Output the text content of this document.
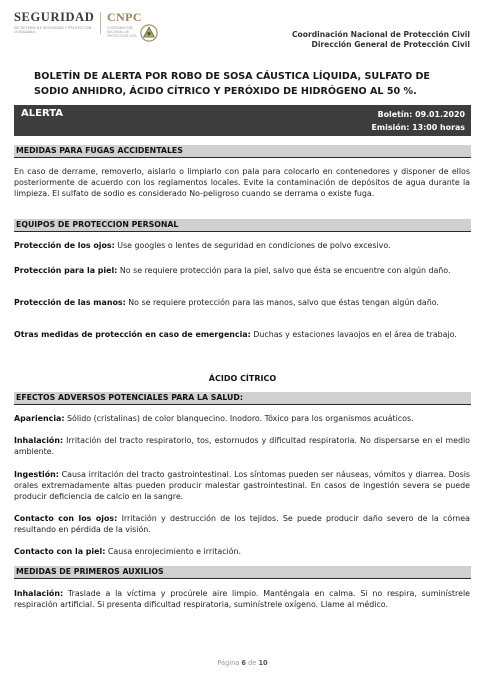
SEGURIDAD
SECRETARÍA DE SEGURIDAD Y PROTECCIÓN CIUDADANA
CNPC
COORDINACIÓN NACIONAL DE PROTECCIÓN CIVIL	Coordinación Nacional de Protección Civil
Dirección General de Protección Civil
BOLETÍN DE ALERTA POR ROBO DE SOSA CÁUSTICA LÍQUIDA, SULFATO DE SODIO ANHIDRO, ÁCIDO CÍTRICO Y PERÓXIDO DE HIDRÓGENO AL 50 %.
ALERTA	Boletín: 09.01.2020
Emisión: 13:00 horas
MEDIDAS PARA FUGAS ACCIDENTALES
En caso de derrame, removerlo, aislarlo o limpiarlo con pala para colocarlo en contenedores y disponer de ellos posteriormente de acuerdo con los reglamentos locales. Evite la contaminación de depósitos de agua durante la limpieza. El sulfato de sodio es considerado No-peligroso cuando se derrama o existe fuga.
EQUIPOS DE PROTECCION PERSONAL
Protección de los ojos: Use googles o lentes de seguridad en condiciones de polvo excesivo.
Protección para la piel: No se requiere protección para la piel, salvo que ésta se encuentre con algún daño.
Protección de las manos: No se requiere protección para las manos, salvo que éstas tengan algún daño.
Otras medidas de protección en caso de emergencia: Duchas y estaciones lavaojos en el área de trabajo.
ÁCIDO CÍTRICO
EFECTOS ADVERSOS POTENCIALES PARA LA SALUD:
Apariencia: Sólido (cristalinas) de color blanquecino. Inodoro. Tóxico para los organismos acuáticos.
Inhalación: Irritación del tracto respiratorio, tos, estornudos y dificultad respiratoria. No dispersarse en el medio ambiente.
Ingestión: Causa irritación del tracto gastrointestinal. Los síntomas pueden ser náuseas, vómitos y diarrea. Dosis orales extremadamente altas pueden producir malestar gastrointestinal. En casos de ingestión severa se puede producir deficiencia de calcio en la sangre.
Contacto con los ojos: Irritación y destrucción de los tejidos. Se puede producir daño severo de la córnea resultando en pérdida de la visión.
Contacto con la piel: Causa enrojecimiento e irritación.
MEDIDAS DE PRIMEROS AUXILIOS
Inhalación: Traslade a la víctima y procúrele aire limpio. Manténgala en calma. Si no respira, suminístrele respiración artificial. Si presenta dificultad respiratoria, suminístrele oxígeno. Llame al médico.
Página 6 de 10
